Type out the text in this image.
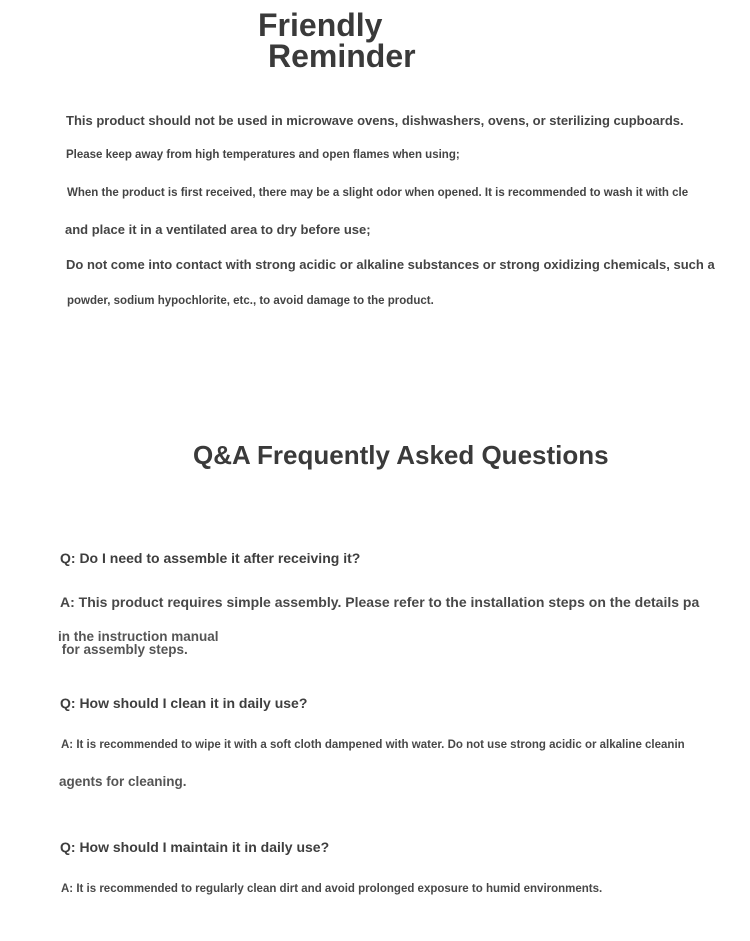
Friendly
Reminder
This product should not be used in microwave ovens, dishwashers, ovens, or sterilizing cupboards.
Please keep away from high temperatures and open flames when using;
When the product is first received, there may be a slight odor when opened. It is recommended to wash it with cle
and place it in a ventilated area to dry before use;
Do not come into contact with strong acidic or alkaline substances or strong oxidizing chemicals, such a
powder, sodium hypochlorite, etc., to avoid damage to the product.
Q&A Frequently Asked Questions
Q: Do I need to assemble it after receiving it?
A: This product requires simple assembly. Please refer to the installation steps on the details pa
in the instruction manual
for assembly steps.
Q: How should I clean it in daily use?
A: It is recommended to wipe it with a soft cloth dampened with water. Do not use strong acidic or alkaline cleanin
agents for cleaning.
Q: How should I maintain it in daily use?
A: It is recommended to regularly clean dirt and avoid prolonged exposure to humid environments.
